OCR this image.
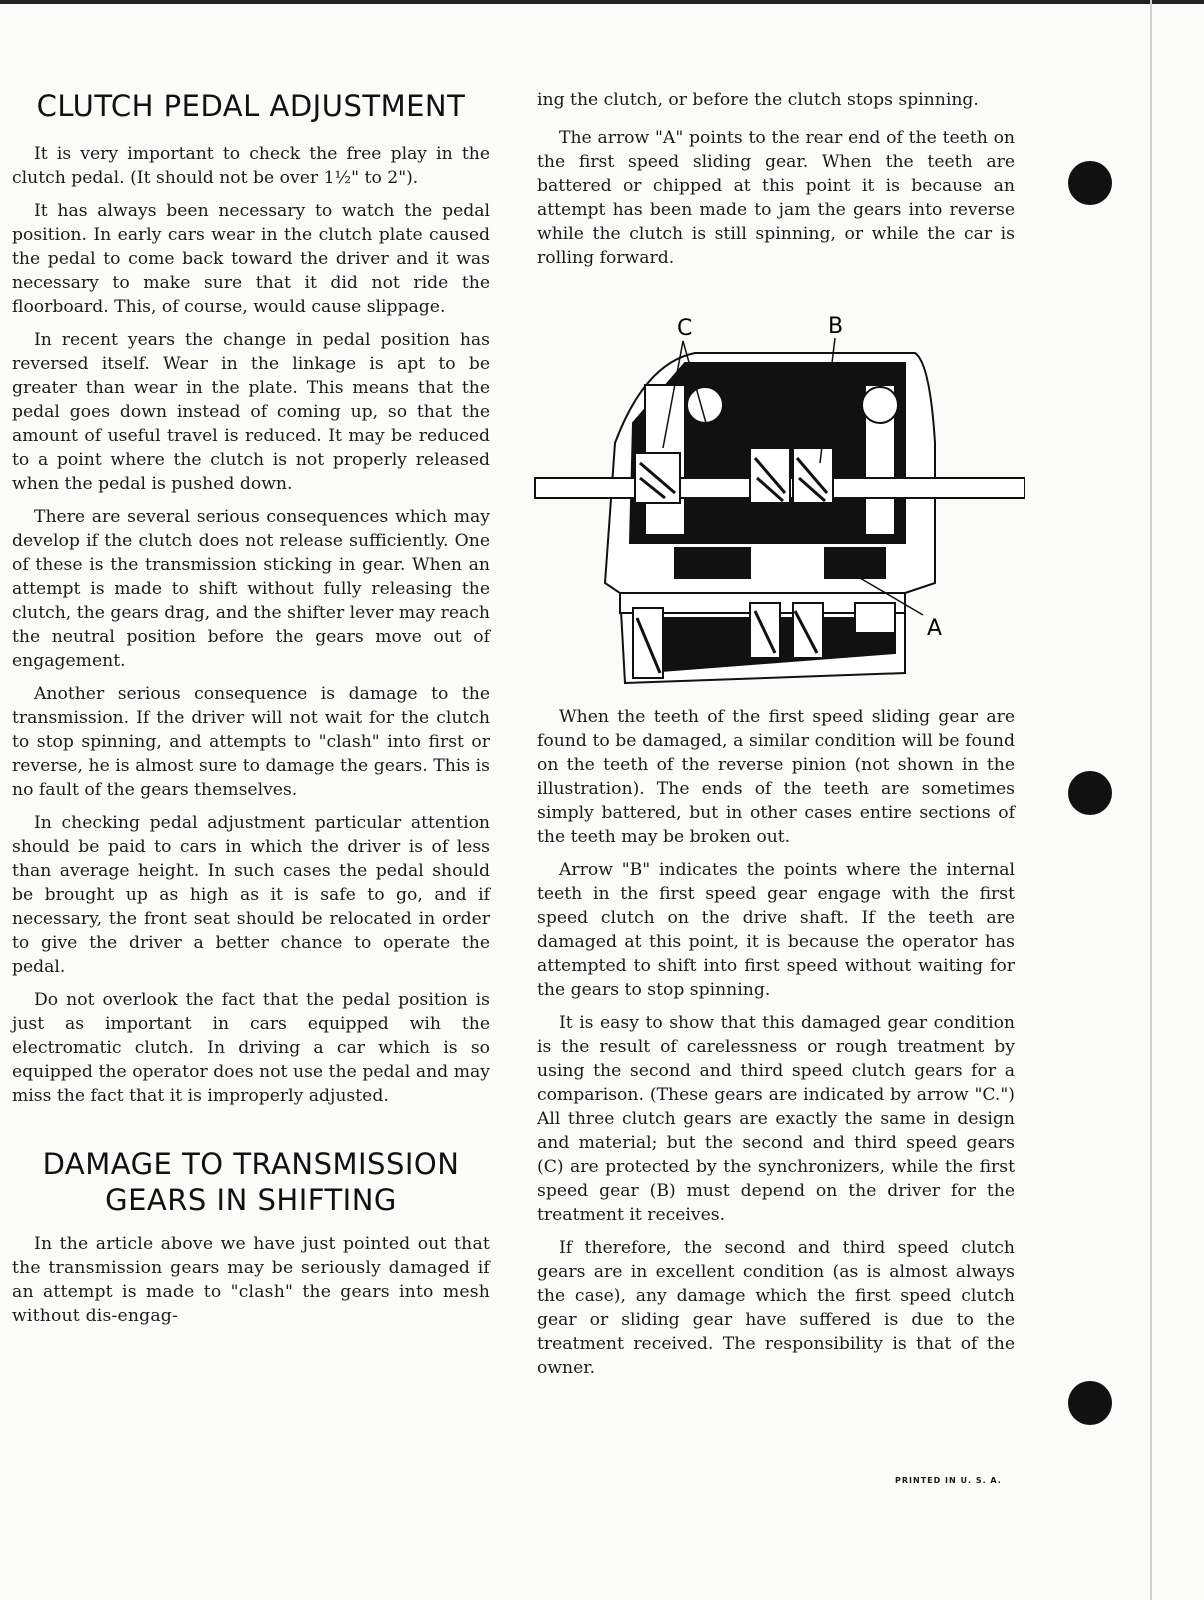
CLUTCH PEDAL ADJUSTMENT

It is very important to check the free play in the clutch pedal. (It should not be over 1½" to 2").

It has always been necessary to watch the pedal position. In early cars wear in the clutch plate caused the pedal to come back toward the driver and it was necessary to make sure that it did not ride the floorboard. This, of course, would cause slippage.

In recent years the change in pedal position has reversed itself. Wear in the linkage is apt to be greater than wear in the plate. This means that the pedal goes down instead of coming up, so that the amount of useful travel is reduced. It may be reduced to a point where the clutch is not properly released when the pedal is pushed down.

There are several serious consequences which may develop if the clutch does not release sufficiently. One of these is the transmission sticking in gear. When an attempt is made to shift without fully releasing the clutch, the gears drag, and the shifter lever may reach the neutral position before the gears move out of engagement.

Another serious consequence is damage to the transmission. If the driver will not wait for the clutch to stop spinning, and attempts to "clash" into first or reverse, he is almost sure to damage the gears. This is no fault of the gears themselves.

In checking pedal adjustment particular attention should be paid to cars in which the driver is of less than average height. In such cases the pedal should be brought up as high as it is safe to go, and if necessary, the front seat should be relocated in order to give the driver a better chance to operate the pedal.

Do not overlook the fact that the pedal position is just as important in cars equipped wih the electromatic clutch. In driving a car which is so equipped the operator does not use the pedal and may miss the fact that it is improperly adjusted.

DAMAGE TO TRANSMISSION
GEARS IN SHIFTING

In the article above we have just pointed out that the transmission gears may be seriously damaged if an attempt is made to "clash" the gears into mesh without dis-engag-

ing the clutch, or before the clutch stops spinning.

The arrow "A" points to the rear end of the teeth on the first speed sliding gear. When the teeth are battered or chipped at this point it is because an attempt has been made to jam the gears into reverse while the clutch is still spinning, or while the car is rolling forward.

C	B
A

When the teeth of the first speed sliding gear are found to be damaged, a similar condition will be found on the teeth of the reverse pinion (not shown in the illustration). The ends of the teeth are sometimes simply battered, but in other cases entire sections of the teeth may be broken out.

Arrow "B" indicates the points where the internal teeth in the first speed gear engage with the first speed clutch on the drive shaft. If the teeth are damaged at this point, it is because the operator has attempted to shift into first speed without waiting for the gears to stop spinning.

It is easy to show that this damaged gear condition is the result of carelessness or rough treatment by using the second and third speed clutch gears for a comparison. (These gears are indicated by arrow "C.") All three clutch gears are exactly the same in design and material; but the second and third speed gears (C) are protected by the synchronizers, while the first speed gear (B) must depend on the driver for the treatment it receives.

If therefore, the second and third speed clutch gears are in excellent condition (as is almost always the case), any damage which the first speed clutch gear or sliding gear have suffered is due to the treatment received. The responsibility is that of the owner.

PRINTED IN U. S. A.
